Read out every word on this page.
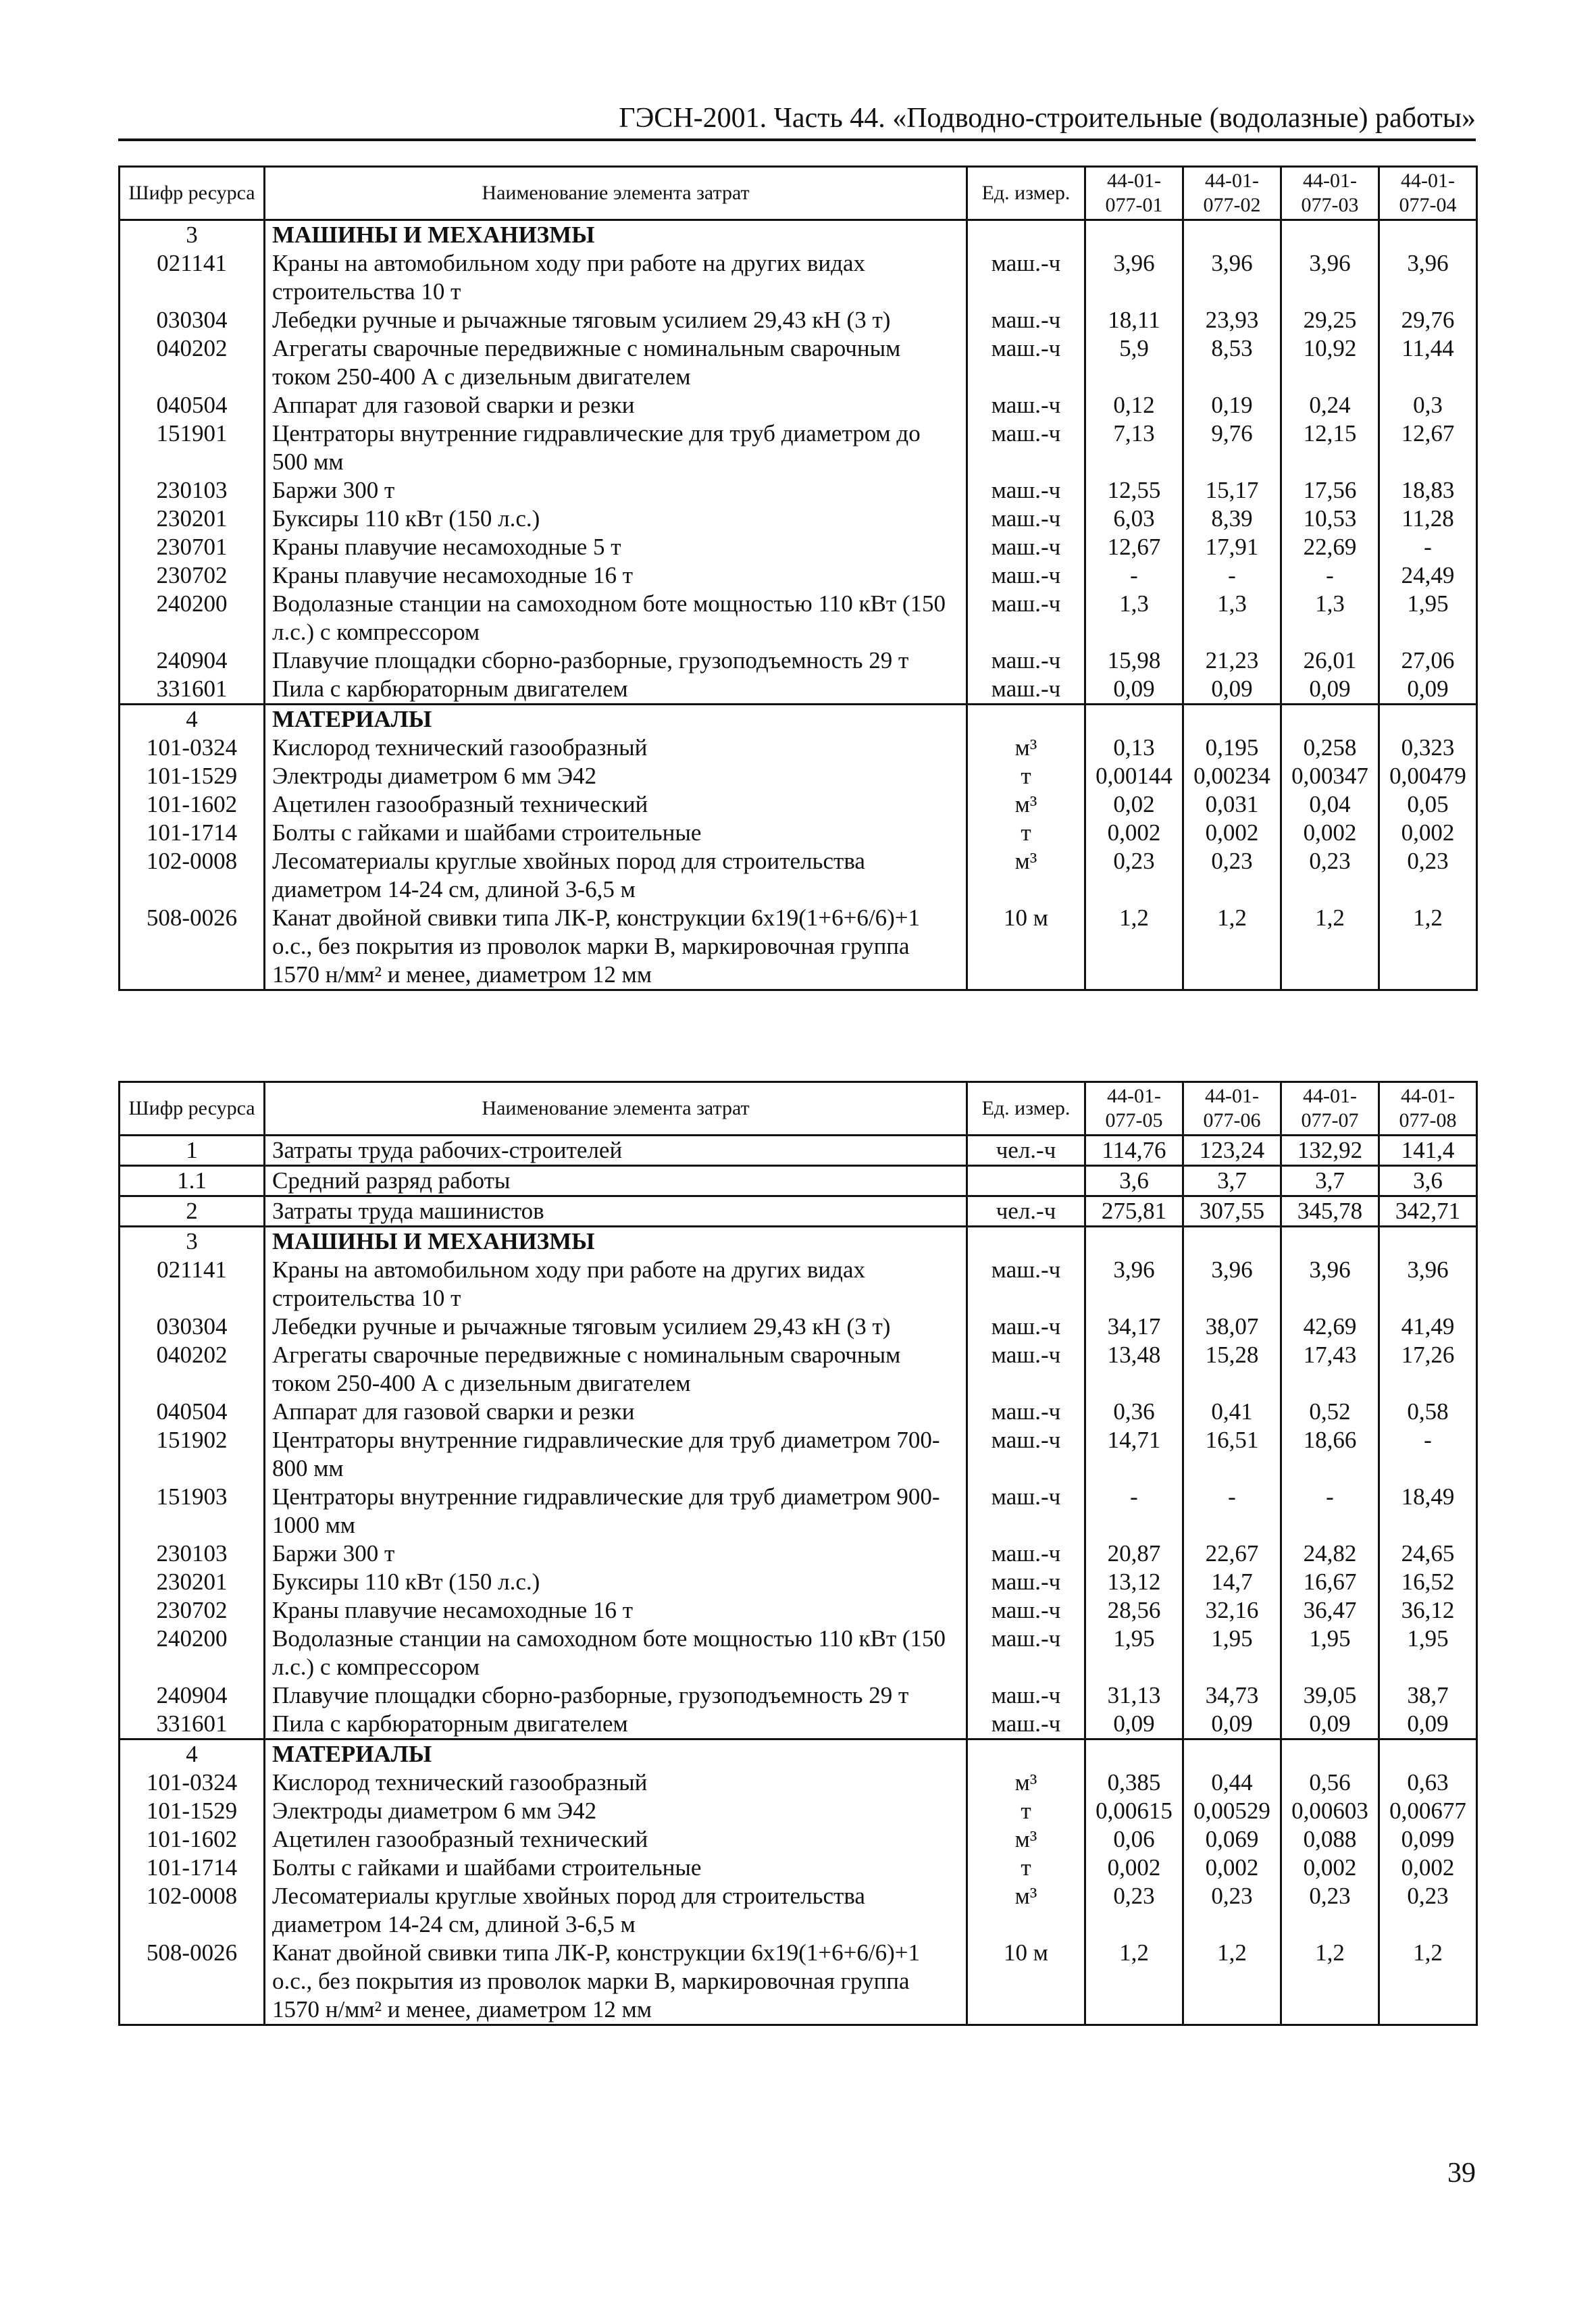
ГЭСН-2001. Часть 44. «Подводно-строительные (водолазные) работы»
Шифр ресурса	Наименование элемента затрат	Ед. измер.	44-01-077-01	44-01-077-02	44-01-077-03	44-01-077-04
3	МАШИНЫ И МЕХАНИЗМЫ					
021141	Краны на автомобильном ходу при работе на других видах строительства 10 т	маш.-ч	3,96	3,96	3,96	3,96
030304	Лебедки ручные и рычажные тяговым усилием 29,43 кН (3 т)	маш.-ч	18,11	23,93	29,25	29,76
040202	Агрегаты сварочные передвижные с номинальным сварочным током 250-400 А с дизельным двигателем	маш.-ч	5,9	8,53	10,92	11,44
040504	Аппарат для газовой сварки и резки	маш.-ч	0,12	0,19	0,24	0,3
151901	Центраторы внутренние гидравлические для труб диаметром до 500 мм	маш.-ч	7,13	9,76	12,15	12,67
230103	Баржи 300 т	маш.-ч	12,55	15,17	17,56	18,83
230201	Буксиры 110 кВт (150 л.с.)	маш.-ч	6,03	8,39	10,53	11,28
230701	Краны плавучие несамоходные 5 т	маш.-ч	12,67	17,91	22,69	-
230702	Краны плавучие несамоходные 16 т	маш.-ч	-	-	-	24,49
240200	Водолазные станции на самоходном боте мощностью 110 кВт (150 л.с.) с компрессором	маш.-ч	1,3	1,3	1,3	1,95
240904	Плавучие площадки сборно-разборные, грузоподъемность 29 т	маш.-ч	15,98	21,23	26,01	27,06
331601	Пила с карбюраторным двигателем	маш.-ч	0,09	0,09	0,09	0,09
4	МАТЕРИАЛЫ					
101-0324	Кислород технический газообразный	м³	0,13	0,195	0,258	0,323
101-1529	Электроды диаметром 6 мм Э42	т	0,00144	0,00234	0,00347	0,00479
101-1602	Ацетилен газообразный технический	м³	0,02	0,031	0,04	0,05
101-1714	Болты с гайками и шайбами строительные	т	0,002	0,002	0,002	0,002
102-0008	Лесоматериалы круглые хвойных пород для строительства диаметром 14-24 см, длиной 3-6,5 м	м³	0,23	0,23	0,23	0,23
508-0026	Канат двойной свивки типа ЛК-Р, конструкции 6х19(1+6+6/6)+1 о.с., без покрытия из проволок марки В, маркировочная группа 1570 н/мм² и менее, диаметром 12 мм	10 м	1,2	1,2	1,2	1,2
Шифр ресурса	Наименование элемента затрат	Ед. измер.	44-01-077-05	44-01-077-06	44-01-077-07	44-01-077-08
1	Затраты труда рабочих-строителей	чел.-ч	114,76	123,24	132,92	141,4
1.1	Средний разряд работы		3,6	3,7	3,7	3,6
2	Затраты труда машинистов	чел.-ч	275,81	307,55	345,78	342,71
3	МАШИНЫ И МЕХАНИЗМЫ					
021141	Краны на автомобильном ходу при работе на других видах строительства 10 т	маш.-ч	3,96	3,96	3,96	3,96
030304	Лебедки ручные и рычажные тяговым усилием 29,43 кН (3 т)	маш.-ч	34,17	38,07	42,69	41,49
040202	Агрегаты сварочные передвижные с номинальным сварочным током 250-400 А с дизельным двигателем	маш.-ч	13,48	15,28	17,43	17,26
040504	Аппарат для газовой сварки и резки	маш.-ч	0,36	0,41	0,52	0,58
151902	Центраторы внутренние гидравлические для труб диаметром 700-800 мм	маш.-ч	14,71	16,51	18,66	-
151903	Центраторы внутренние гидравлические для труб диаметром 900-1000 мм	маш.-ч	-	-	-	18,49
230103	Баржи 300 т	маш.-ч	20,87	22,67	24,82	24,65
230201	Буксиры 110 кВт (150 л.с.)	маш.-ч	13,12	14,7	16,67	16,52
230702	Краны плавучие несамоходные 16 т	маш.-ч	28,56	32,16	36,47	36,12
240200	Водолазные станции на самоходном боте мощностью 110 кВт (150 л.с.) с компрессором	маш.-ч	1,95	1,95	1,95	1,95
240904	Плавучие площадки сборно-разборные, грузоподъемность 29 т	маш.-ч	31,13	34,73	39,05	38,7
331601	Пила с карбюраторным двигателем	маш.-ч	0,09	0,09	0,09	0,09
4	МАТЕРИАЛЫ					
101-0324	Кислород технический газообразный	м³	0,385	0,44	0,56	0,63
101-1529	Электроды диаметром 6 мм Э42	т	0,00615	0,00529	0,00603	0,00677
101-1602	Ацетилен газообразный технический	м³	0,06	0,069	0,088	0,099
101-1714	Болты с гайками и шайбами строительные	т	0,002	0,002	0,002	0,002
102-0008	Лесоматериалы круглые хвойных пород для строительства диаметром 14-24 см, длиной 3-6,5 м	м³	0,23	0,23	0,23	0,23
508-0026	Канат двойной свивки типа ЛК-Р, конструкции 6х19(1+6+6/6)+1 о.с., без покрытия из проволок марки В, маркировочная группа 1570 н/мм² и менее, диаметром 12 мм	10 м	1,2	1,2	1,2	1,2
39
